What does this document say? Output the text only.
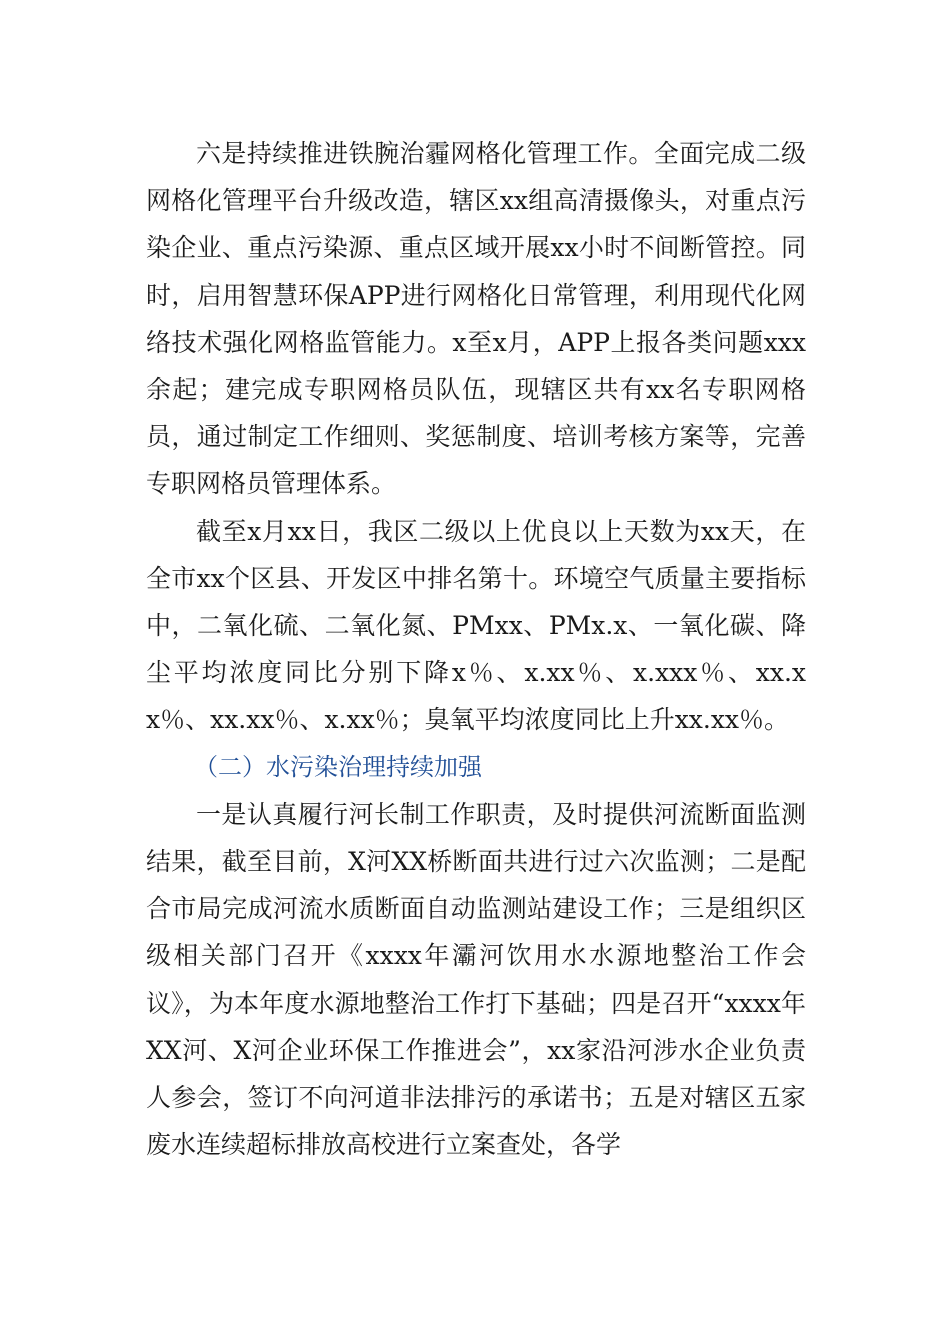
六是持续推进铁腕治霾网格化管理工作。全面完成二级网格化管理平台升级改造，辖区xx组高清摄像头，对重点污染企业、重点污染源、重点区域开展xx小时不间断管控。同时，启用智慧环保APP进行网格化日常管理，利用现代化网络技术强化网格监管能力。x至x月，APP上报各类问题xxx余起；建完成专职网格员队伍，现辖区共有xx名专职网格员，通过制定工作细则、奖惩制度、培训考核方案等，完善专职网格员管理体系。

截至x月xx日，我区二级以上优良以上天数为xx天，在全市xx个区县、开发区中排名第十。环境空气质量主要指标中，二氧化硫、二氧化氮、PMxx、PMx.x、一氧化碳、降尘平均浓度同比分别下降x％、x.xx％、x.xxx％、xx.xx％、xx.xx％、x.xx％；臭氧平均浓度同比上升xx.xx％。

（二）水污染治理持续加强

一是认真履行河长制工作职责，及时提供河流断面监测结果，截至目前，X河XX桥断面共进行过六次监测；二是配合市局完成河流水质断面自动监测站建设工作；三是组织区级相关部门召开《xxxx年灞河饮用水水源地整治工作会议》，为本年度水源地整治工作打下基础；四是召开“xxxx年XX河、X河企业环保工作推进会”，xx家沿河涉水企业负责人参会，签订不向河道非法排污的承诺书；五是对辖区五家废水连续超标排放高校进行立案查处，各学
